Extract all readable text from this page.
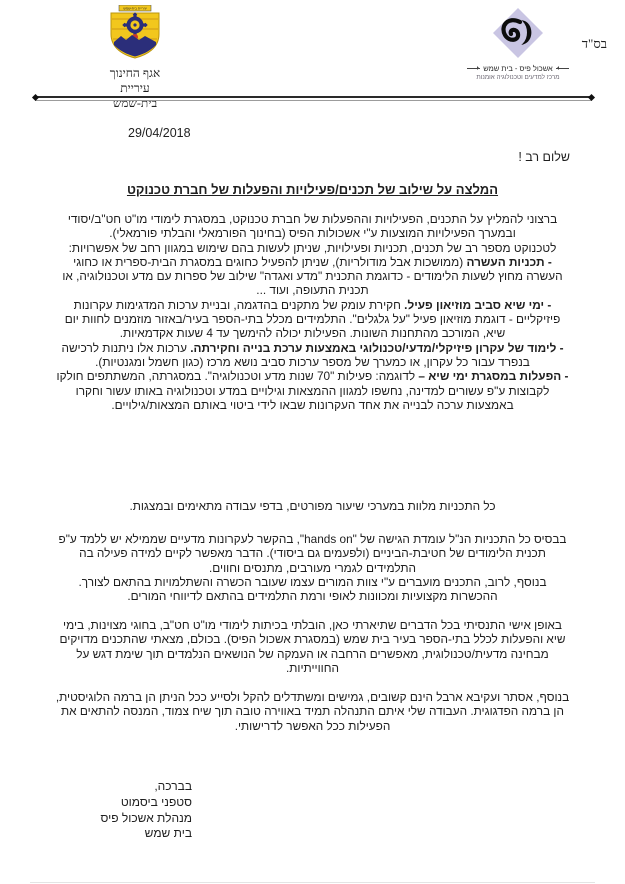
בס"ד
עיריית בית-שמש
אגף החינוך
עיריית בית-שמש
אשכול פיס - בית שמש
מרכז למדעים וטכנולוגיה אומנות
29/04/2018
שלום רב !
המלצה על שילוב של תכנים/פעילויות והפעלות של חברת טכנוקט
ברצוני להמליץ על התכנים, הפעילויות וההפעלות של חברת טכנוקט, במסגרת לימודי מו"ט חט"ב/יסודי ובמערך הפעילויות המוצעות ע"י אשכולות הפיס (בחינוך הפורמאלי והבלתי פורמאלי).
לטכנוקט מספר רב של תכנים, תכניות ופעילויות, שניתן לעשות בהם שימוש במגוון רחב של אפשרויות:
- תכניות העשרה (ממושכות אבל מודולריות), שניתן להפעיל כחוגים במסגרת הבית-ספרית או כחוגי העשרה מחוץ לשעות הלימודים - כדוגמת התכנית "מדע ואגדה" שילוב של ספרות עם מדע וטכנולוגיה, או תכנית התעופה, ועוד ...
- ימי שיא סביב מוזיאון פעיל. חקירת עומק של מתקנים בהדגמה, ובניית ערכות המדגימות עקרונות פיזיקליים - דוגמת מוזיאון פעיל "על גלגלים". התלמידים מכלל בתי-הספר בעיר/באזור מוזמנים לחוות יום שיא, המורכב מהתחנות השונות. הפעילות יכולה להימשך עד 4 שעות אקדמאיות.
- לימוד של עקרון פיזיקלי/מדעי/טכנולוגי באמצעות ערכת בנייה וחקירתה. ערכות אלו ניתנות לרכישה בנפרד עבור כל עקרון, או כמערך של מספר ערכות סביב נושא מרכז (כגון חשמל ומגנטיות).
- הפעלות במסגרת ימי שיא – לדוגמה: פעילות "70 שנות מדע וטכנולוגיה". במסגרתה, המשתתפים חולקו לקבוצות ע"פ עשורים למדינה, נחשפו למגוון ההמצאות וגילויים במדע וטכנולוגיה באותו עשור וחקרו באמצעות ערכה לבנייה את אחד העקרונות שבאו לידי ביטוי באותם המצאות/גילויים.
כל התכניות מלוות במערכי שיעור מפורטים, בדפי עבודה מתאימים ובמצגות.
בבסיס כל התכניות הנ"ל עומדת הגישה של "hands on", בהקשר לעקרונות מדעיים שממילא יש ללמד ע"פ תכנית הלימודים של חטיבת-הביניים (ולפעמים גם ביסודי). הדבר מאפשר לקיים למידה פעילה בה התלמידים לגמרי מעורבים, מתנסים וחווים.
בנוסף, לרוב, התכנים מועברים ע"י צוות המורים עצמו שעובר הכשרה והשתלמויות בהתאם לצורך. ההכשרות מקצועיות ומכוונות לאופי ורמת התלמידים בהתאם לדיווחי המורים.
באופן אישי התנסיתי בכל הדברים שתיארתי כאן, הובלתי בכיתות לימודי מו"ט חט"ב, בחוגי מצוינות, בימי שיא והפעלות לכלל בתי-הספר בעיר בית שמש (במסגרת אשכול הפיס). בכולם, מצאתי שהתכנים מדויקים מבחינה מדעית/טכנולוגית, מאפשרים הרחבה או העמקה של הנושאים הנלמדים תוך שימת דגש על החווייתיות.
בנוסף, אסתר ועקיבא ארבל הינם קשובים, גמישים ומשתדלים להקל ולסייע ככל הניתן הן ברמה הלוגיסטית, הן ברמה הפדגוגית. העבודה שלי איתם התנהלה תמיד באווירה טובה תוך שיח צמוד, המנסה להתאים את הפעילות ככל האפשר לדרישותי.
בברכה,
סטפני ביסמוט
מנהלת אשכול פיס
בית שמש
